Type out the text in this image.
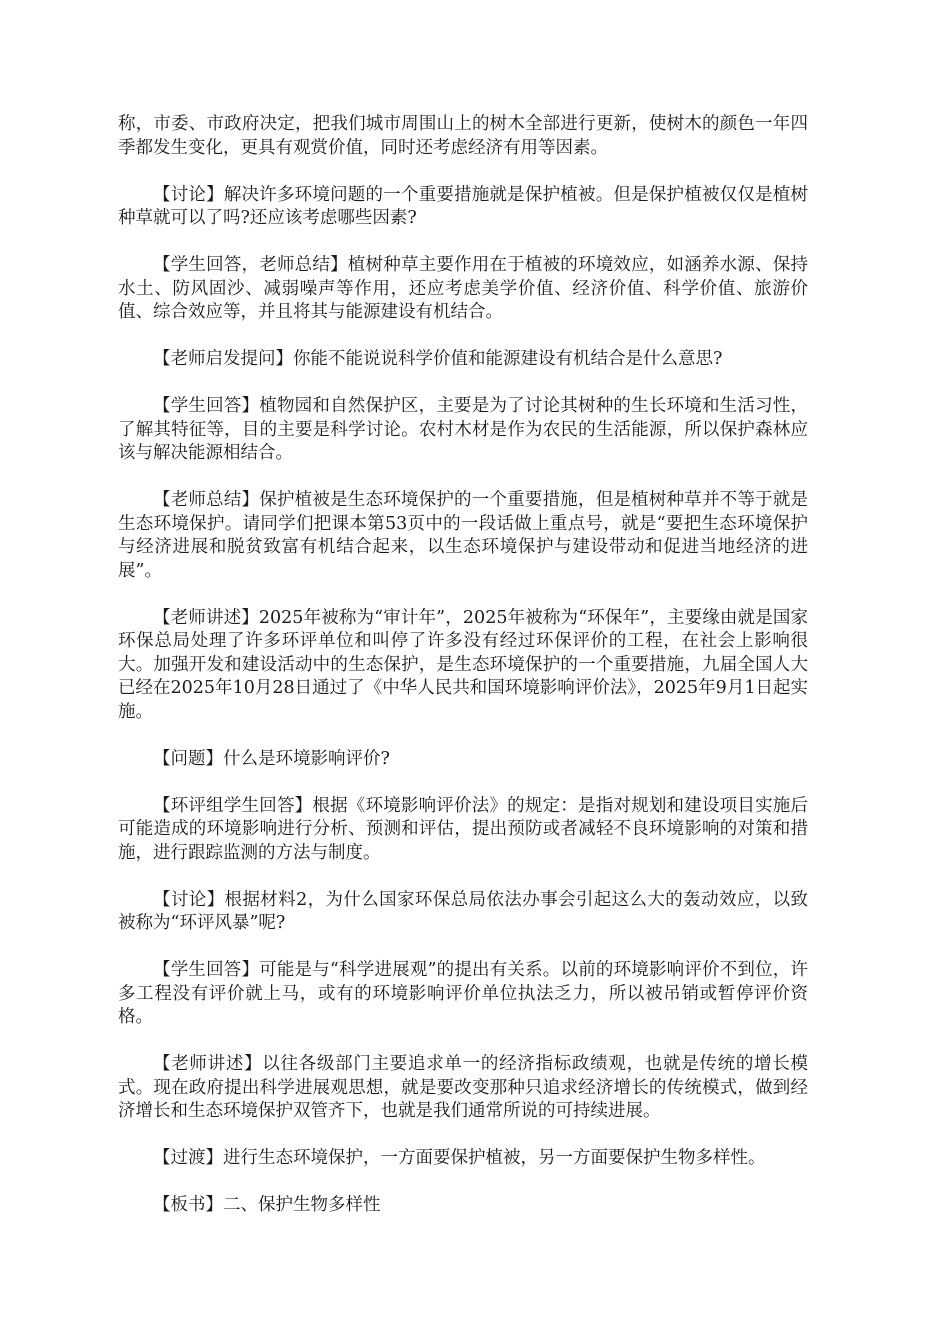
称，市委、市政府决定，把我们城市周围山上的树木全部进行更新，使树木的颜色一年四季都发生变化，更具有观赏价值，同时还考虑经济有用等因素。

【讨论】解决许多环境问题的一个重要措施就是保护植被。但是保护植被仅仅是植树种草就可以了吗?还应该考虑哪些因素?

【学生回答，老师总结】植树种草主要作用在于植被的环境效应，如涵养水源、保持水土、防风固沙、减弱噪声等作用，还应考虑美学价值、经济价值、科学价值、旅游价值、综合效应等，并且将其与能源建设有机结合。

【老师启发提问】你能不能说说科学价值和能源建设有机结合是什么意思?

【学生回答】植物园和自然保护区，主要是为了讨论其树种的生长环境和生活习性，了解其特征等，目的主要是科学讨论。农村木材是作为农民的生活能源，所以保护森林应该与解决能源相结合。

【老师总结】保护植被是生态环境保护的一个重要措施，但是植树种草并不等于就是生态环境保护。请同学们把课本第53页中的一段话做上重点号，就是“要把生态环境保护与经济进展和脱贫致富有机结合起来，以生态环境保护与建设带动和促进当地经济的进展”。

【老师讲述】2025年被称为“审计年”，2025年被称为“环保年”，主要缘由就是国家环保总局处理了许多环评单位和叫停了许多没有经过环保评价的工程，在社会上影响很大。加强开发和建设活动中的生态保护，是生态环境保护的一个重要措施，九届全国人大已经在2025年10月28日通过了《中华人民共和国环境影响评价法》，2025年9月1日起实施。

【问题】什么是环境影响评价?

【环评组学生回答】根据《环境影响评价法》的规定：是指对规划和建设项目实施后可能造成的环境影响进行分析、预测和评估，提出预防或者减轻不良环境影响的对策和措施，进行跟踪监测的方法与制度。

【讨论】根据材料2，为什么国家环保总局依法办事会引起这么大的轰动效应，以致被称为“环评风暴”呢?

【学生回答】可能是与“科学进展观”的提出有关系。以前的环境影响评价不到位，许多工程没有评价就上马，或有的环境影响评价单位执法乏力，所以被吊销或暂停评价资格。

【老师讲述】以往各级部门主要追求单一的经济指标政绩观，也就是传统的增长模式。现在政府提出科学进展观思想，就是要改变那种只追求经济增长的传统模式，做到经济增长和生态环境保护双管齐下，也就是我们通常所说的可持续进展。

【过渡】进行生态环境保护，一方面要保护植被，另一方面要保护生物多样性。

【板书】二、保护生物多样性
